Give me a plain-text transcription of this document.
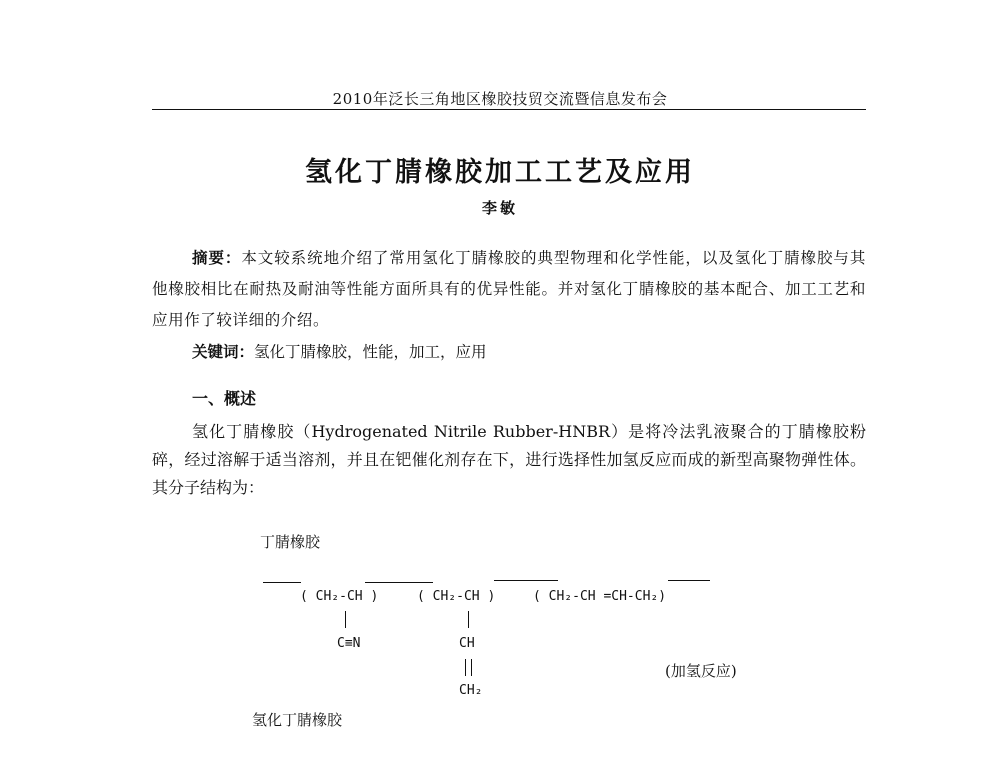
2010年泛长三角地区橡胶技贸交流暨信息发布会
氢化丁腈橡胶加工工艺及应用
李敏
摘要：本文较系统地介绍了常用氢化丁腈橡胶的典型物理和化学性能，以及氢化丁腈橡胶与其他橡胶相比在耐热及耐油等性能方面所具有的优异性能。并对氢化丁腈橡胶的基本配合、加工工艺和应用作了较详细的介绍。
关键词：氢化丁腈橡胶，性能，加工，应用
一、概述
氢化丁腈橡胶（Hydrogenated Nitrile Rubber-HNBR）是将冷法乳液聚合的丁腈橡胶粉碎，经过溶解于适当溶剂，并且在钯催化剂存在下，进行选择性加氢反应而成的新型高聚物弹性体。其分子结构为：
丁腈橡胶
( CH₂-CH )	( CH₂-CH )	( CH₂-CH =CH-CH₂)
C≡N	CH
CH₂
(加氢反应)
氢化丁腈橡胶
